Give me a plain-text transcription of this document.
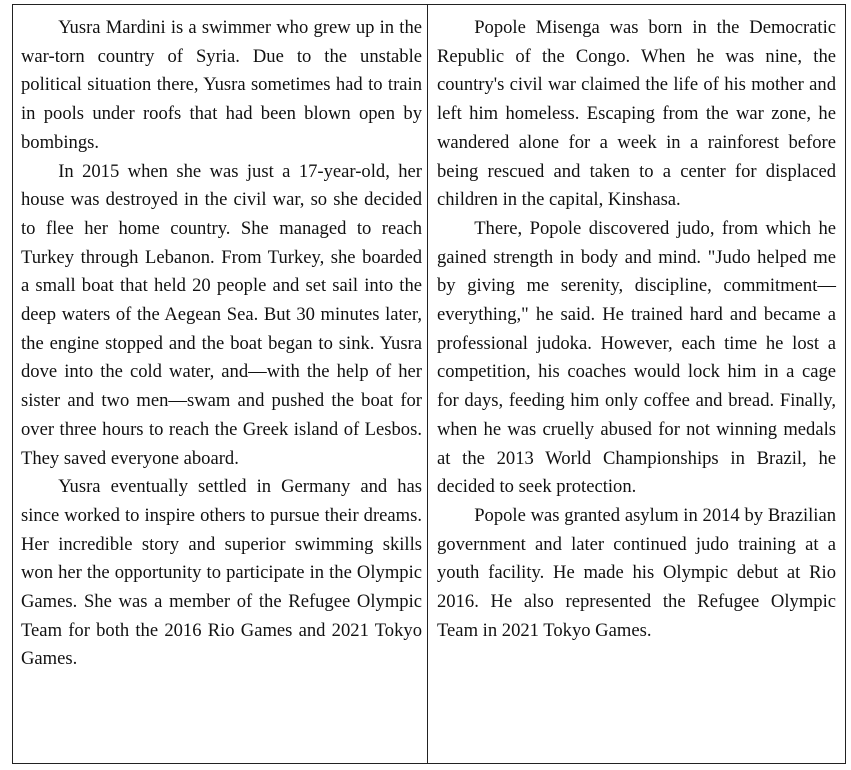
Yusra Mardini is a swimmer who grew up in the war-torn country of Syria. Due to the unstable political situation there, Yusra sometimes had to train in pools under roofs that had been blown open by bombings.

In 2015 when she was just a 17-year-old, her house was destroyed in the civil war, so she decided to flee her home country. She managed to reach Turkey through Lebanon. From Turkey, she boarded a small boat that held 20 people and set sail into the deep waters of the Aegean Sea. But 30 minutes later, the engine stopped and the boat began to sink. Yusra dove into the cold water, and—with the help of her sister and two men—swam and pushed the boat for over three hours to reach the Greek island of Lesbos. They saved everyone aboard.

Yusra eventually settled in Germany and has since worked to inspire others to pursue their dreams. Her incredible story and superior swimming skills won her the opportunity to participate in the Olympic Games. She was a member of the Refugee Olympic Team for both the 2016 Rio Games and 2021 Tokyo Games.

Popole Misenga was born in the Democratic Republic of the Congo. When he was nine, the country's civil war claimed the life of his mother and left him homeless. Escaping from the war zone, he wandered alone for a week in a rainforest before being rescued and taken to a center for displaced children in the capital, Kinshasa.

There, Popole discovered judo, from which he gained strength in body and mind. "Judo helped me by giving me serenity, discipline, commitment—everything," he said. He trained hard and became a professional judoka. However, each time he lost a competition, his coaches would lock him in a cage for days, feeding him only coffee and bread. Finally, when he was cruelly abused for not winning medals at the 2013 World Championships in Brazil, he decided to seek protection.

Popole was granted asylum in 2014 by Brazilian government and later continued judo training at a youth facility. He made his Olympic debut at Rio 2016. He also represented the Refugee Olympic Team in 2021 Tokyo Games.
